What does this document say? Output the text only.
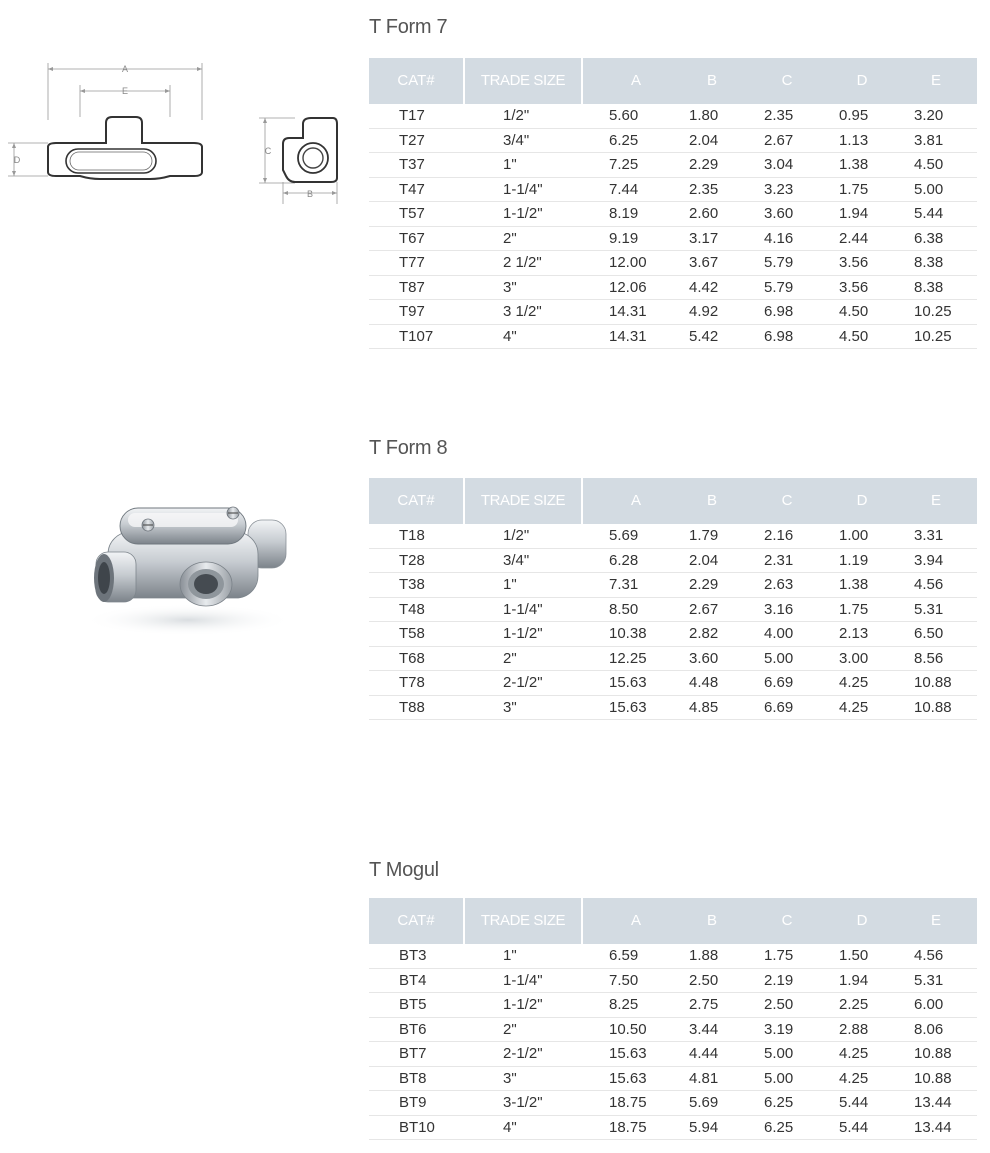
A
E
D
C
B
T Form 7
CAT#	TRADE SIZE	A	B	C	D	E
T17	1/2"	5.60	1.80	2.35	0.95	3.20
T27	3/4"	6.25	2.04	2.67	1.13	3.81
T37	1"	7.25	2.29	3.04	1.38	4.50
T47	1-1/4"	7.44	2.35	3.23	1.75	5.00
T57	1-1/2"	8.19	2.60	3.60	1.94	5.44
T67	2"	9.19	3.17	4.16	2.44	6.38
T77	2 1/2"	12.00	3.67	5.79	3.56	8.38
T87	3"	12.06	4.42	5.79	3.56	8.38
T97	3 1/2"	14.31	4.92	6.98	4.50	10.25
T107	4"	14.31	5.42	6.98	4.50	10.25
T Form 8
CAT#	TRADE SIZE	A	B	C	D	E
T18	1/2"	5.69	1.79	2.16	1.00	3.31
T28	3/4"	6.28	2.04	2.31	1.19	3.94
T38	1"	7.31	2.29	2.63	1.38	4.56
T48	1-1/4"	8.50	2.67	3.16	1.75	5.31
T58	1-1/2"	10.38	2.82	4.00	2.13	6.50
T68	2"	12.25	3.60	5.00	3.00	8.56
T78	2-1/2"	15.63	4.48	6.69	4.25	10.88
T88	3"	15.63	4.85	6.69	4.25	10.88
T Mogul
CAT#	TRADE SIZE	A	B	C	D	E
BT3	1"	6.59	1.88	1.75	1.50	4.56
BT4	1-1/4"	7.50	2.50	2.19	1.94	5.31
BT5	1-1/2"	8.25	2.75	2.50	2.25	6.00
BT6	2"	10.50	3.44	3.19	2.88	8.06
BT7	2-1/2"	15.63	4.44	5.00	4.25	10.88
BT8	3"	15.63	4.81	5.00	4.25	10.88
BT9	3-1/2"	18.75	5.69	6.25	5.44	13.44
BT10	4"	18.75	5.94	6.25	5.44	13.44
